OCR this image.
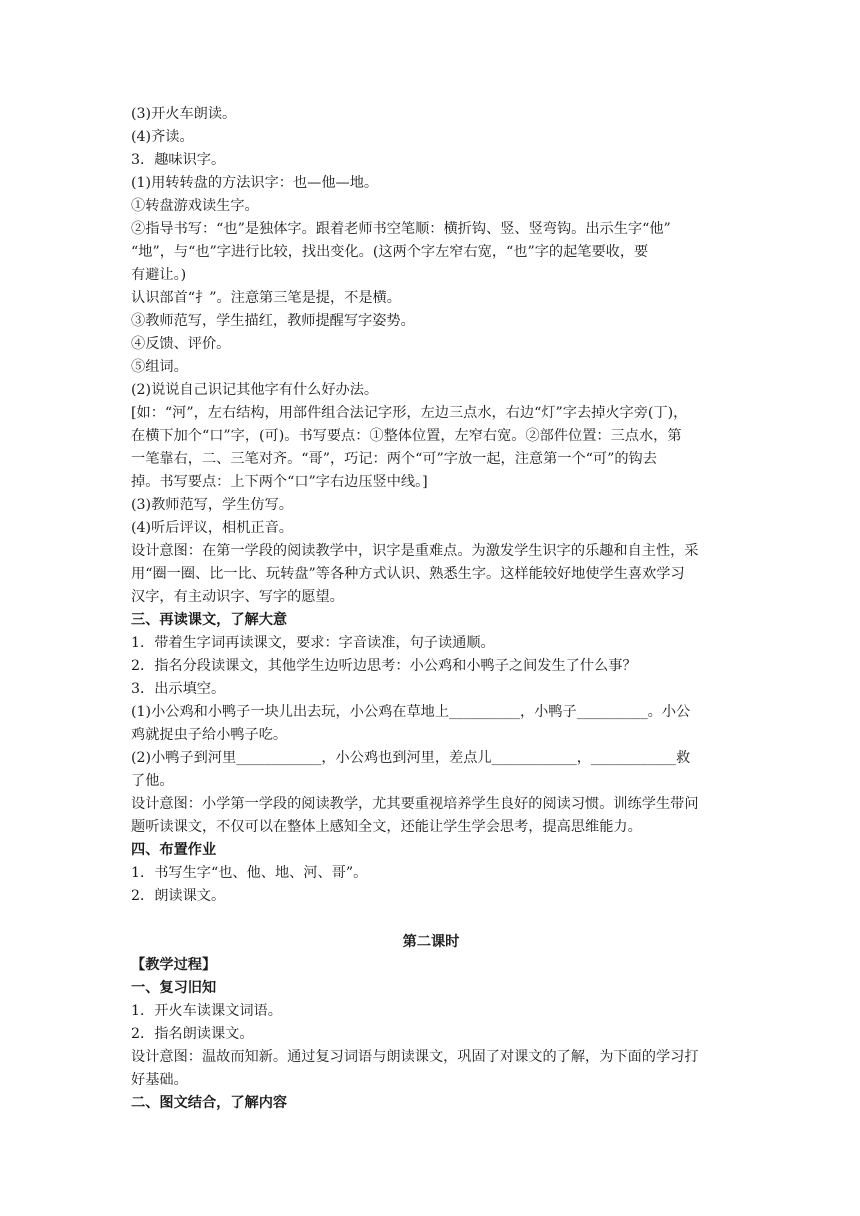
(3)开火车朗读。

(4)齐读。

3．趣味识字。

(1)用转转盘的方法识字：也—他—地。

①转盘游戏读生字。

②指导书写：“也”是独体字。跟着老师书空笔顺：横折钩、竖、竖弯钩。出示生字“他”

“地”，与“也”字进行比较，找出变化。(这两个字左窄右宽，“也”字的起笔要收，要

有避让。)

认识部首“扌”。注意第三笔是提，不是横。

③教师范写，学生描红，教师提醒写字姿势。

④反馈、评价。

⑤组词。

(2)说说自己识记其他字有什么好办法。

[如：“河”，左右结构，用部件组合法记字形，左边三点水，右边“灯”字去掉火字旁(丁)，

在横下加个“口”字，(可)。书写要点：①整体位置，左窄右宽。②部件位置：三点水，第

一笔靠右，二、三笔对齐。“哥”，巧记：两个“可”字放一起，注意第一个“可”的钩去

掉。书写要点：上下两个“口”字右边压竖中线。]

(3)教师范写，学生仿写。

(4)听后评议，相机正音。

设计意图：在第一学段的阅读教学中，识字是重难点。为激发学生识字的乐趣和自主性，采

用“圈一圈、比一比、玩转盘”等各种方式认识、熟悉生字。这样能较好地使学生喜欢学习

汉字，有主动识字、写字的愿望。

三、再读课文，了解大意

1．带着生字词再读课文，要求：字音读准，句子读通顺。

2．指名分段读课文，其他学生边听边思考：小公鸡和小鸭子之间发生了什么事？

3．出示填空。

(1)小公鸡和小鸭子一块儿出去玩，小公鸡在草地上__________，小鸭子__________。小公

鸡就捉虫子给小鸭子吃。

(2)小鸭子到河里____________，小公鸡也到河里，差点儿____________，____________救

了他。

设计意图：小学第一学段的阅读教学，尤其要重视培养学生良好的阅读习惯。训练学生带问

题听读课文，不仅可以在整体上感知全文，还能让学生学会思考，提高思维能力。

四、布置作业

1．书写生字“也、他、地、河、哥”。

2．朗读课文。

第二课时

【教学过程】

一、复习旧知

1．开火车读课文词语。

2．指名朗读课文。

设计意图：温故而知新。通过复习词语与朗读课文，巩固了对课文的了解，为下面的学习打

好基础。

二、图文结合，了解内容
